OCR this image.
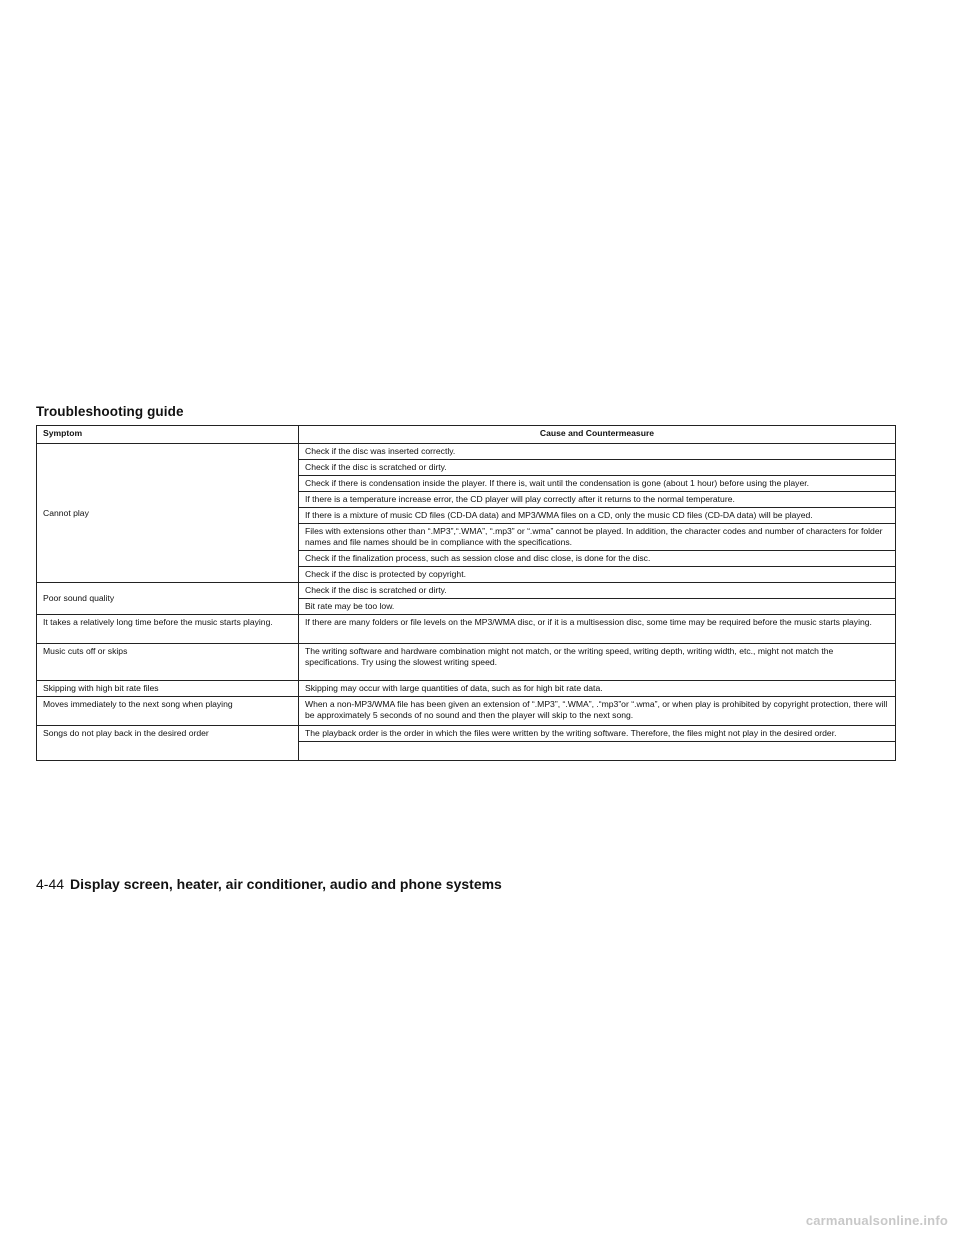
Troubleshooting guide
Symptom	Cause and Countermeasure
Cannot play	Check if the disc was inserted correctly.
	Check if the disc is scratched or dirty.
	Check if there is condensation inside the player. If there is, wait until the condensation is gone (about 1 hour) before using the player.
	If there is a temperature increase error, the CD player will play correctly after it returns to the normal temperature.
	If there is a mixture of music CD files (CD-DA data) and MP3/WMA files on a CD, only the music CD files (CD-DA data) will be played.
	Files with extensions other than “.MP3”,“.WMA”, “.mp3” or “.wma” cannot be played. In addition, the character codes and number of characters for folder names and file names should be in compliance with the specifications.
	Check if the finalization process, such as session close and disc close, is done for the disc.
	Check if the disc is protected by copyright.
Poor sound quality	Check if the disc is scratched or dirty.
	Bit rate may be too low.
It takes a relatively long time before the music starts playing.	If there are many folders or file levels on the MP3/WMA disc, or if it is a multisession disc, some time may be required before the music starts playing.
Music cuts off or skips	The writing software and hardware combination might not match, or the writing speed, writing depth, writing width, etc., might not match the specifications. Try using the slowest writing speed.
Skipping with high bit rate files	Skipping may occur with large quantities of data, such as for high bit rate data.
Moves immediately to the next song when playing	When a non-MP3/WMA file has been given an extension of “.MP3”, “.WMA”, .“mp3”or “.wma”, or when play is prohibited by copyright protection, there will be approximately 5 seconds of no sound and then the player will skip to the next song.
Songs do not play back in the desired order	The playback order is the order in which the files were written by the writing software. Therefore, the files might not play in the desired order.

4-44 Display screen, heater, air conditioner, audio and phone systems

carmanualsonline.info
